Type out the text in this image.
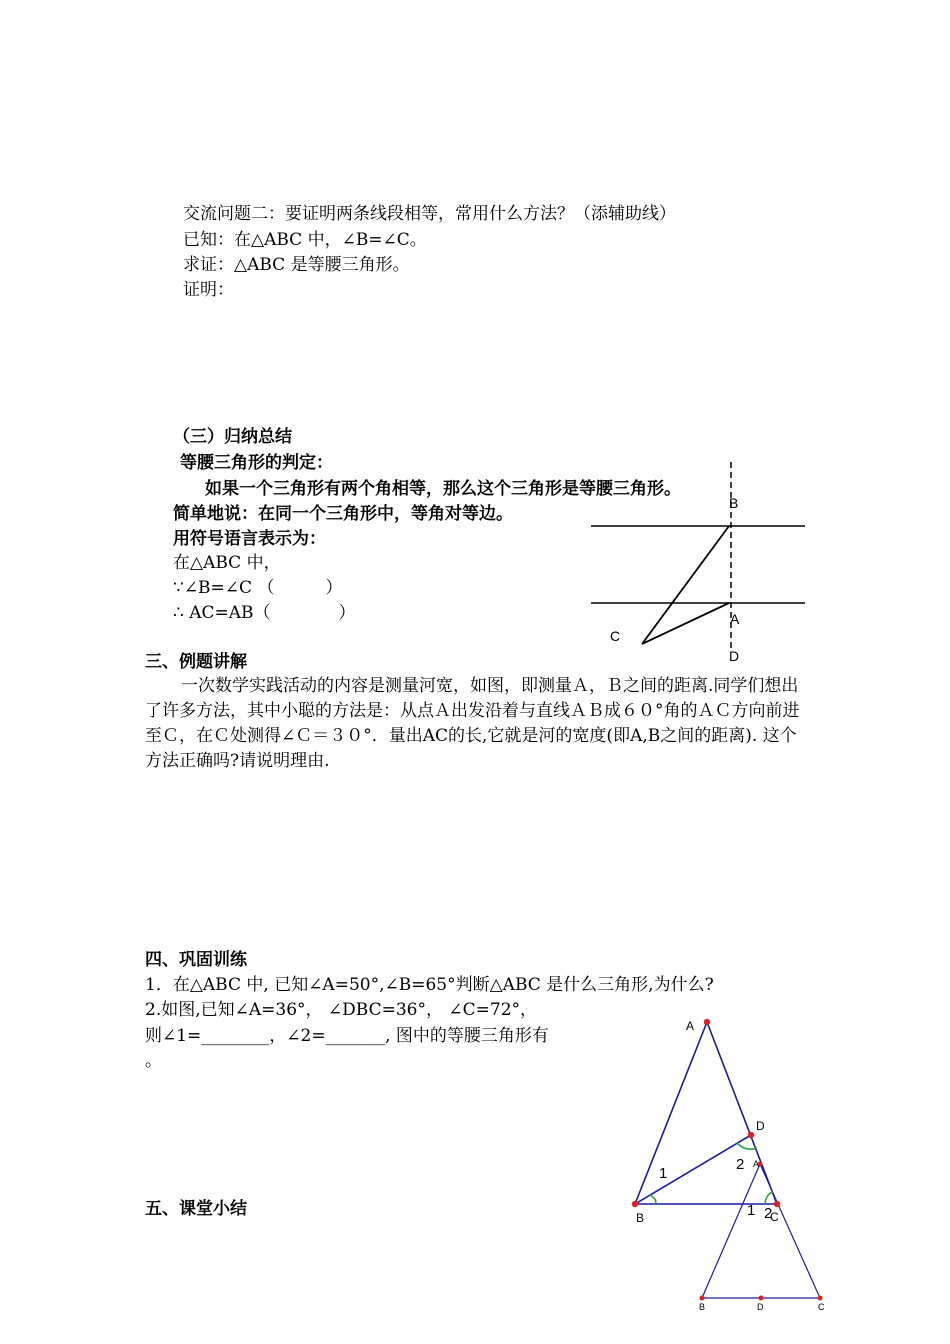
交流问题二：要证明两条线段相等，常用什么方法？（添辅助线）
已知：在△ABC 中，∠B=∠C。
求证：△ABC 是等腰三角形。
证明：
（三）归纳总结
等腰三角形的判定：
如果一个三角形有两个角相等，那么这个三角形是等腰三角形。
简单地说：在同一个三角形中，等角对等边。
用符号语言表示为：
在△ABC 中，
∵∠B=∠C （　　　）
∴ AC=AB（　　　　）
B
A
C
D
三、例题讲解
一次数学实践活动的内容是测量河宽，如图，即测量Ａ，Ｂ之间的距离.同学们想出了许多方法，其中小聪的方法是：从点Ａ出发沿着与直线ＡＢ成６０°角的ＡＣ方向前进至Ｃ，在Ｃ处测得∠Ｃ＝３０°．量出AC的长,它就是河的宽度(即A,B之间的距离). 这个方法正确吗?请说明理由.
四、巩固训练
1．在△ABC 中, 已知∠A=50°,∠B=65°判断△ABC 是什么三角形,为什么?
2.如图,已知∠A=36°， ∠DBC=36°， ∠C=72°，
则∠1=________，∠2=_______, 图中的等腰三角形有
。
五、课堂小结
A
D
B	C
1
2
1 2
A
B	D	C
